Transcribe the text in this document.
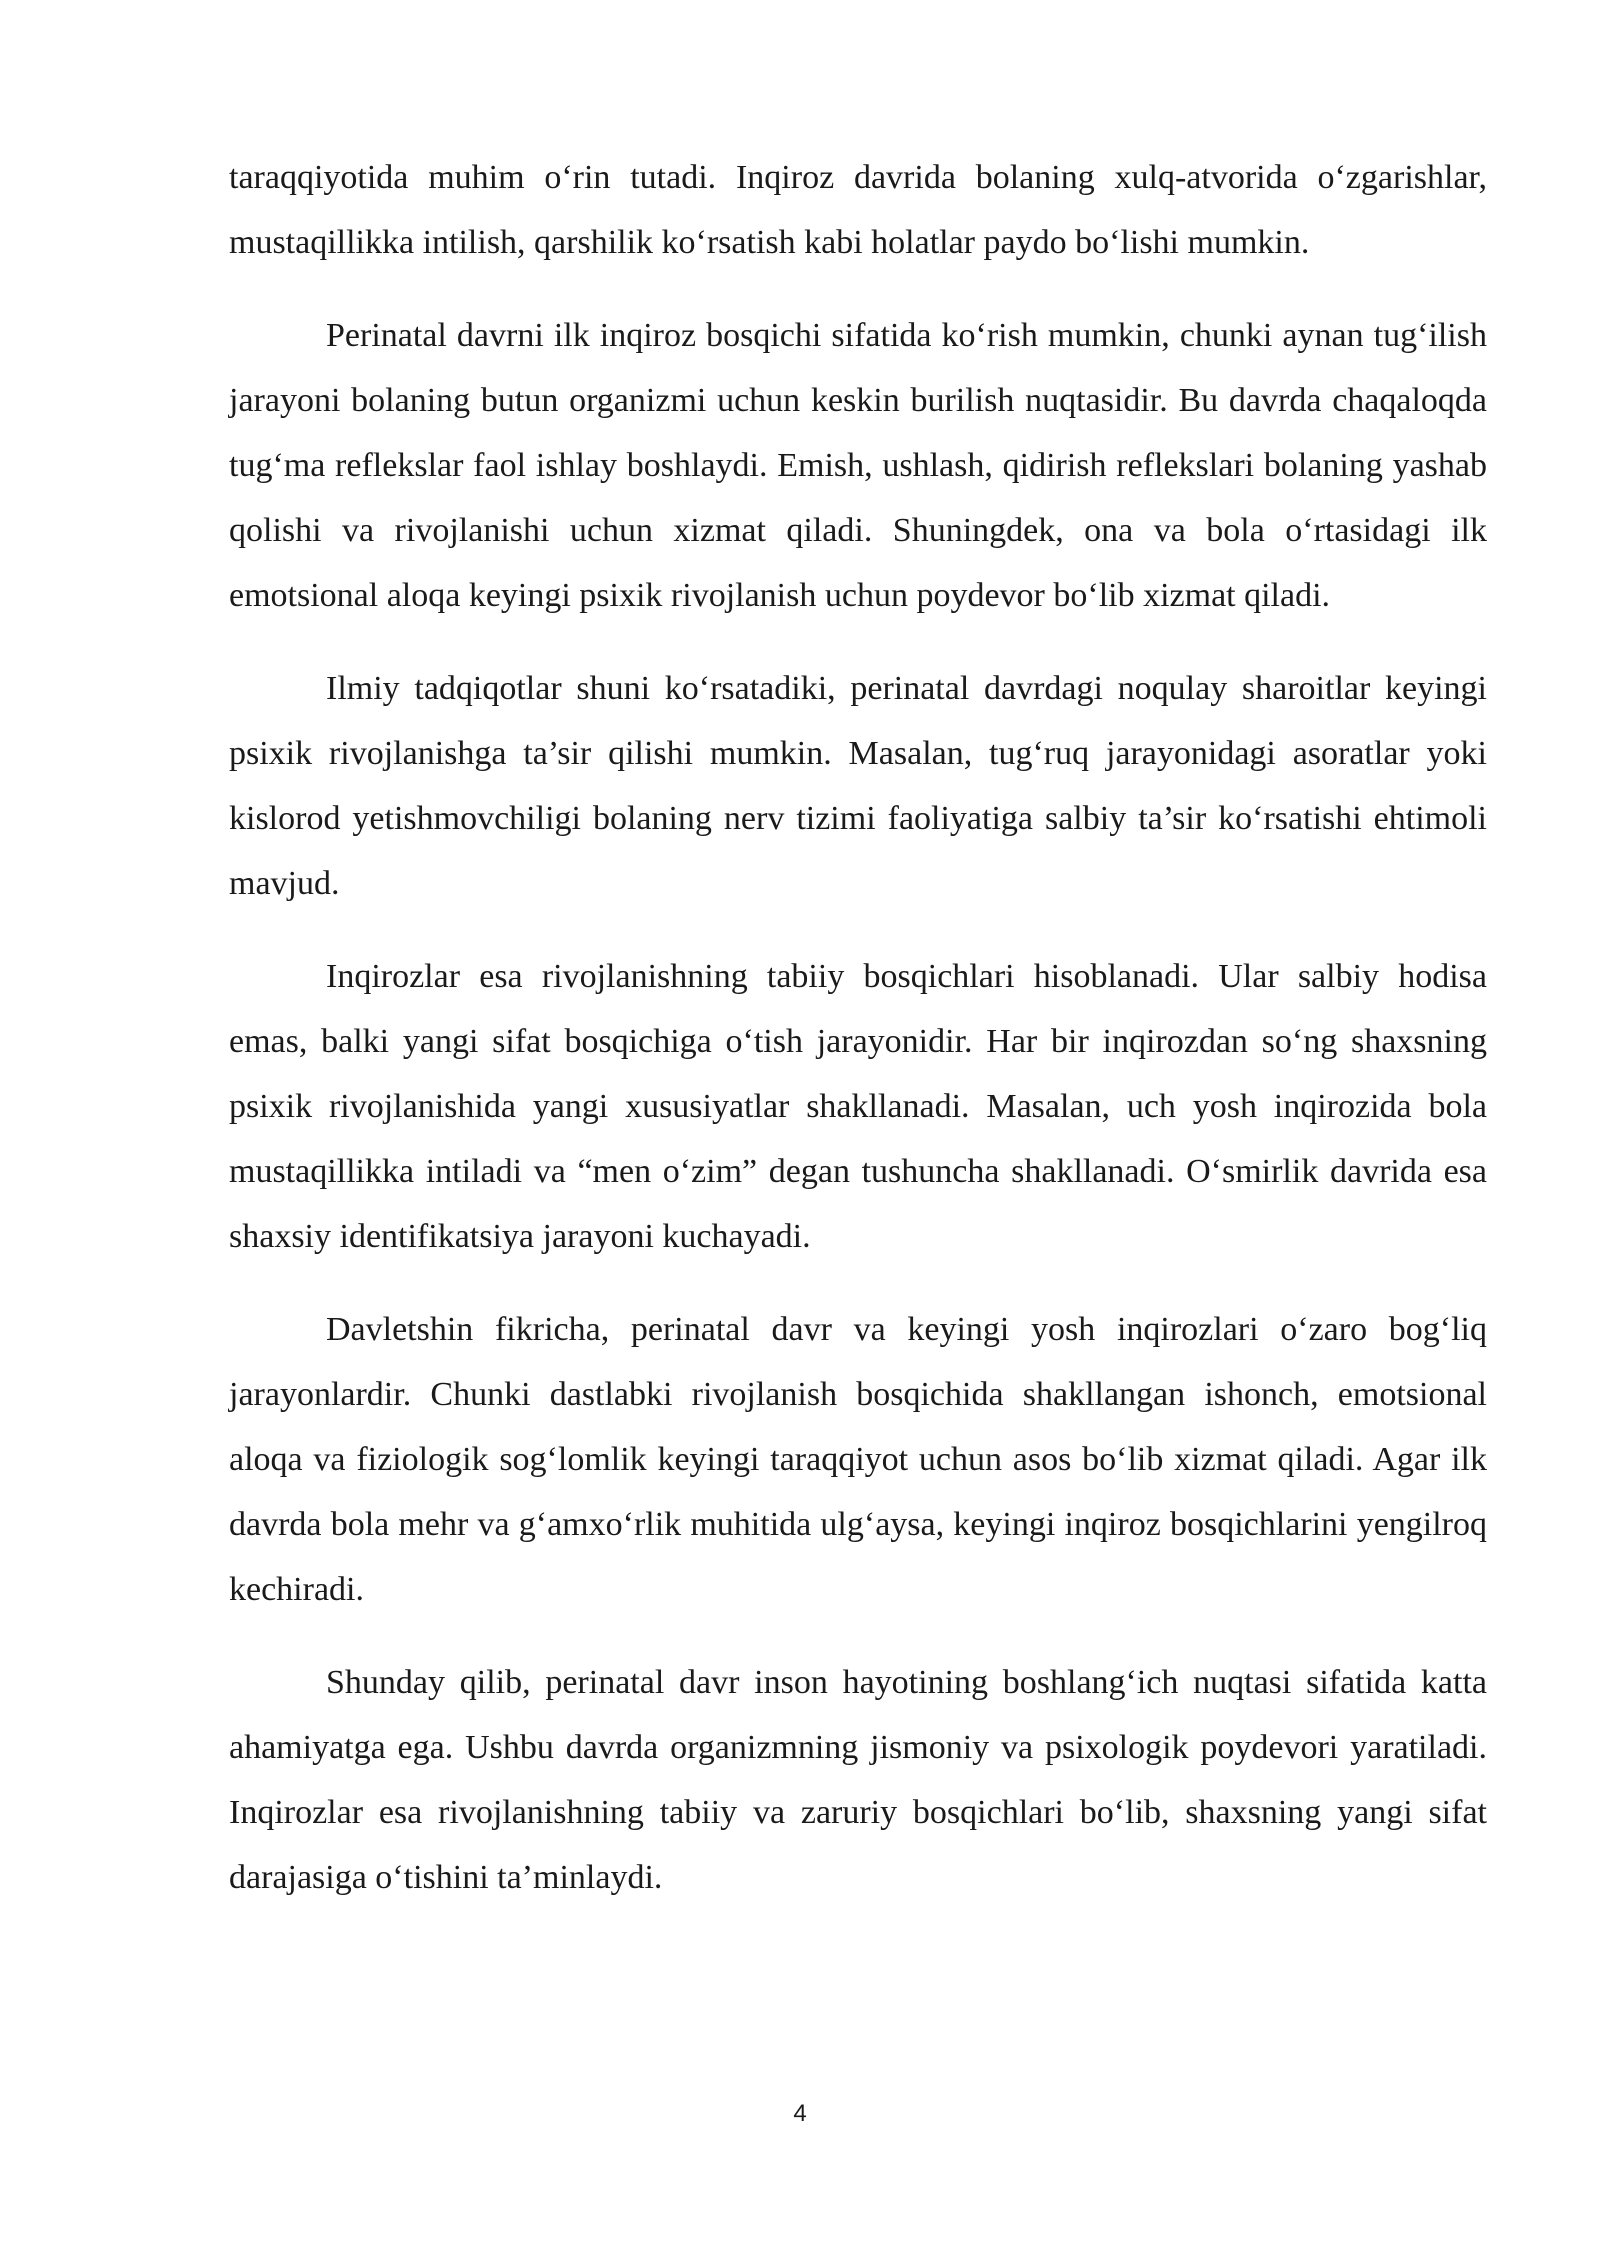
taraqqiyotida muhim o‘rin tutadi. Inqiroz davrida bolaning xulq-atvorida o‘zgarishlar, mustaqillikka intilish, qarshilik ko‘rsatish kabi holatlar paydo bo‘lishi mumkin.

Perinatal davrni ilk inqiroz bosqichi sifatida ko‘rish mumkin, chunki aynan tug‘ilish jarayoni bolaning butun organizmi uchun keskin burilish nuqtasidir. Bu davrda chaqaloqda tug‘ma reflekslar faol ishlay boshlaydi. Emish, ushlash, qidirish reflekslari bolaning yashab qolishi va rivojlanishi uchun xizmat qiladi. Shuningdek, ona va bola o‘rtasidagi ilk emotsional aloqa keyingi psixik rivojlanish uchun poydevor bo‘lib xizmat qiladi.

Ilmiy tadqiqotlar shuni ko‘rsatadiki, perinatal davrdagi noqulay sharoitlar keyingi psixik rivojlanishga ta’sir qilishi mumkin. Masalan, tug‘ruq jarayonidagi asoratlar yoki kislorod yetishmovchiligi bolaning nerv tizimi faoliyatiga salbiy ta’sir ko‘rsatishi ehtimoli mavjud.

Inqirozlar esa rivojlanishning tabiiy bosqichlari hisoblanadi. Ular salbiy hodisa emas, balki yangi sifat bosqichiga o‘tish jarayonidir. Har bir inqirozdan so‘ng shaxsning psixik rivojlanishida yangi xususiyatlar shakllanadi. Masalan, uch yosh inqirozida bola mustaqillikka intiladi va “men o‘zim” degan tushuncha shakllanadi. O‘smirlik davrida esa shaxsiy identifikatsiya jarayoni kuchayadi.

Davletshin fikricha, perinatal davr va keyingi yosh inqirozlari o‘zaro bog‘liq jarayonlardir. Chunki dastlabki rivojlanish bosqichida shakllangan ishonch, emotsional aloqa va fiziologik sog‘lomlik keyingi taraqqiyot uchun asos bo‘lib xizmat qiladi. Agar ilk davrda bola mehr va g‘amxo‘rlik muhitida ulg‘aysa, keyingi inqiroz bosqichlarini yengilroq kechiradi.

Shunday qilib, perinatal davr inson hayotining boshlang‘ich nuqtasi sifatida katta ahamiyatga ega. Ushbu davrda organizmning jismoniy va psixologik poydevori yaratiladi. Inqirozlar esa rivojlanishning tabiiy va zaruriy bosqichlari bo‘lib, shaxsning yangi sifat darajasiga o‘tishini ta’minlaydi.

4
